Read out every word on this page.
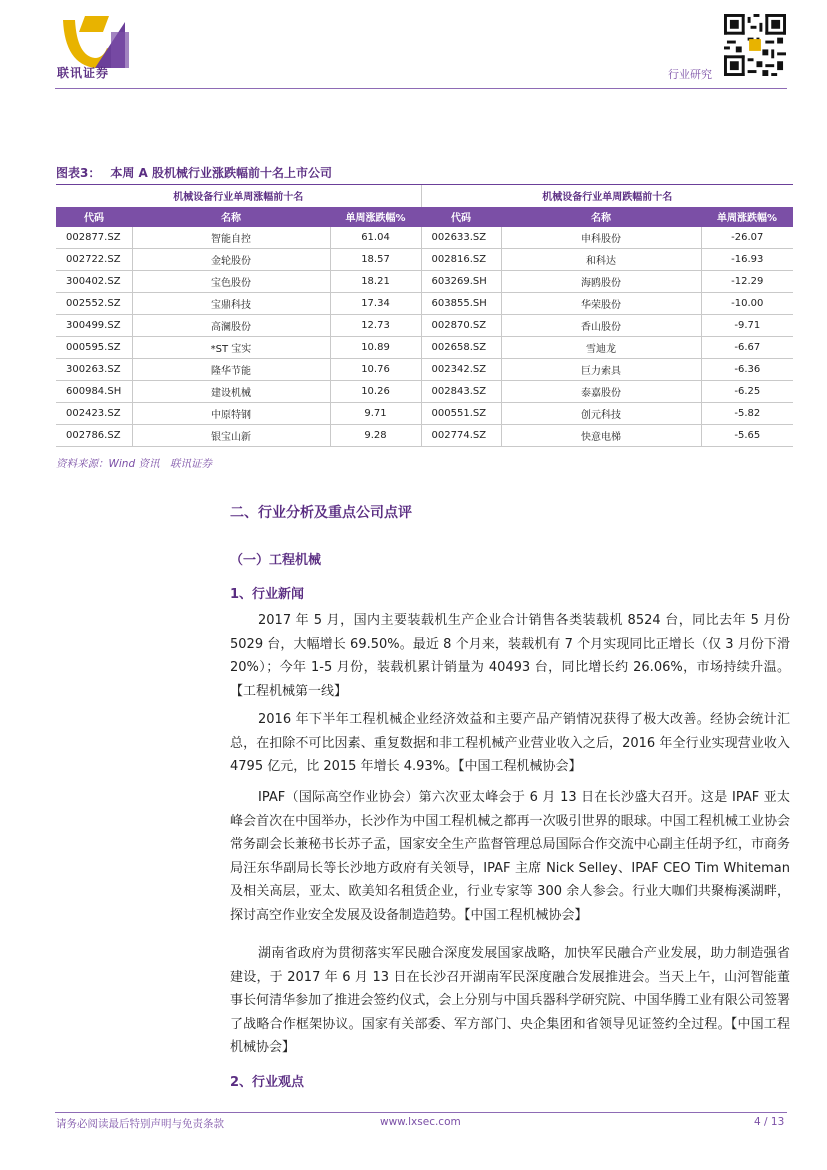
联讯证券	行业研究
图表3： 本周 A 股机械行业涨跌幅前十名上市公司
机械设备行业单周涨幅前十名			机械设备行业单周跌幅前十名		
代码	名称	单周涨跌幅%	代码	名称	单周涨跌幅%
002877.SZ	智能自控	61.04	002633.SZ	申科股份	-26.07
002722.SZ	金轮股份	18.57	002816.SZ	和科达	-16.93
300402.SZ	宝色股份	18.21	603269.SH	海鸥股份	-12.29
002552.SZ	宝鼎科技	17.34	603855.SH	华荣股份	-10.00
300499.SZ	高澜股份	12.73	002870.SZ	香山股份	-9.71
000595.SZ	*ST 宝实	10.89	002658.SZ	雪迪龙	-6.67
300263.SZ	隆华节能	10.76	002342.SZ	巨力索具	-6.36
600984.SH	建设机械	10.26	002843.SZ	泰嘉股份	-6.25
002423.SZ	中原特钢	9.71	000551.SZ	创元科技	-5.82
002786.SZ	银宝山新	9.28	002774.SZ	快意电梯	-5.65
资料来源：Wind 资讯　联讯证券
二、行业分析及重点公司点评
（一）工程机械
1、行业新闻

2017 年 5 月，国内主要装载机生产企业合计销售各类装载机 8524 台，同比去年 5 月份 5029 台，大幅增长 69.50%。最近 8 个月来，装载机有 7 个月实现同比正增长（仅 3 月份下滑 20%）；今年 1-5 月份，装载机累计销量为 40493 台，同比增长约 26.06%，市场持续升温。【工程机械第一线】

2016 年下半年工程机械企业经济效益和主要产品产销情况获得了极大改善。经协会统计汇总，在扣除不可比因素、重复数据和非工程机械产业营业收入之后，2016 年全行业实现营业收入 4795 亿元，比 2015 年增长 4.93%。【中国工程机械协会】

IPAF（国际高空作业协会）第六次亚太峰会于 6 月 13 日在长沙盛大召开。这是 IPAF 亚太峰会首次在中国举办，长沙作为中国工程机械之都再一次吸引世界的眼球。中国工程机械工业协会常务副会长兼秘书长苏子孟，国家安全生产监督管理总局国际合作交流中心副主任胡予红，市商务局汪东华副局长等长沙地方政府有关领导，IPAF 主席 Nick Selley、IPAF CEO Tim Whiteman 及相关高层，亚太、欧美知名租赁企业，行业专家等 300 余人参会。行业大咖们共聚梅溪湖畔，探讨高空作业安全发展及设备制造趋势。【中国工程机械协会】

湖南省政府为贯彻落实军民融合深度发展国家战略，加快军民融合产业发展，助力制造强省建设，于 2017 年 6 月 13 日在长沙召开湖南军民深度融合发展推进会。当天上午，山河智能董事长何清华参加了推进会签约仪式，会上分别与中国兵器科学研究院、中国华腾工业有限公司签署了战略合作框架协议。国家有关部委、军方部门、央企集团和省领导见证签约全过程。【中国工程机械协会】

2、行业观点
请务必阅读最后特别声明与免责条款	www.lxsec.com	4 / 13
